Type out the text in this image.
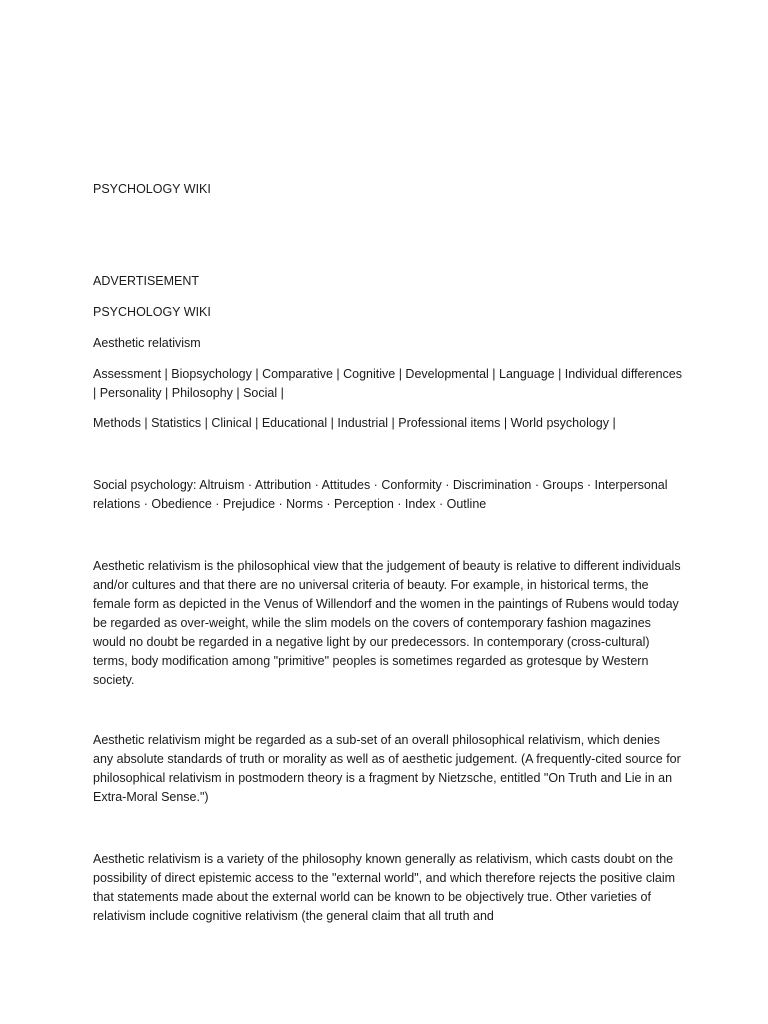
PSYCHOLOGY WIKI
ADVERTISEMENT
PSYCHOLOGY WIKI
Aesthetic relativism
Assessment | Biopsychology | Comparative | Cognitive | Developmental | Language | Individual differences | Personality | Philosophy | Social |
Methods | Statistics | Clinical | Educational | Industrial | Professional items | World psychology |
Social psychology: Altruism · Attribution · Attitudes · Conformity · Discrimination · Groups · Interpersonal relations · Obedience · Prejudice · Norms · Perception · Index · Outline
Aesthetic relativism is the philosophical view that the judgement of beauty is relative to different individuals and/or cultures and that there are no universal criteria of beauty. For example, in historical terms, the female form as depicted in the Venus of Willendorf and the women in the paintings of Rubens would today be regarded as over-weight, while the slim models on the covers of contemporary fashion magazines would no doubt be regarded in a negative light by our predecessors. In contemporary (cross-cultural) terms, body modification among "primitive" peoples is sometimes regarded as grotesque by Western society.
Aesthetic relativism might be regarded as a sub-set of an overall philosophical relativism, which denies any absolute standards of truth or morality as well as of aesthetic judgement. (A frequently-cited source for philosophical relativism in postmodern theory is a fragment by Nietzsche, entitled "On Truth and Lie in an Extra-Moral Sense.")
Aesthetic relativism is a variety of the philosophy known generally as relativism, which casts doubt on the possibility of direct epistemic access to the "external world", and which therefore rejects the positive claim that statements made about the external world can be known to be objectively true. Other varieties of relativism include cognitive relativism (the general claim that all truth and
